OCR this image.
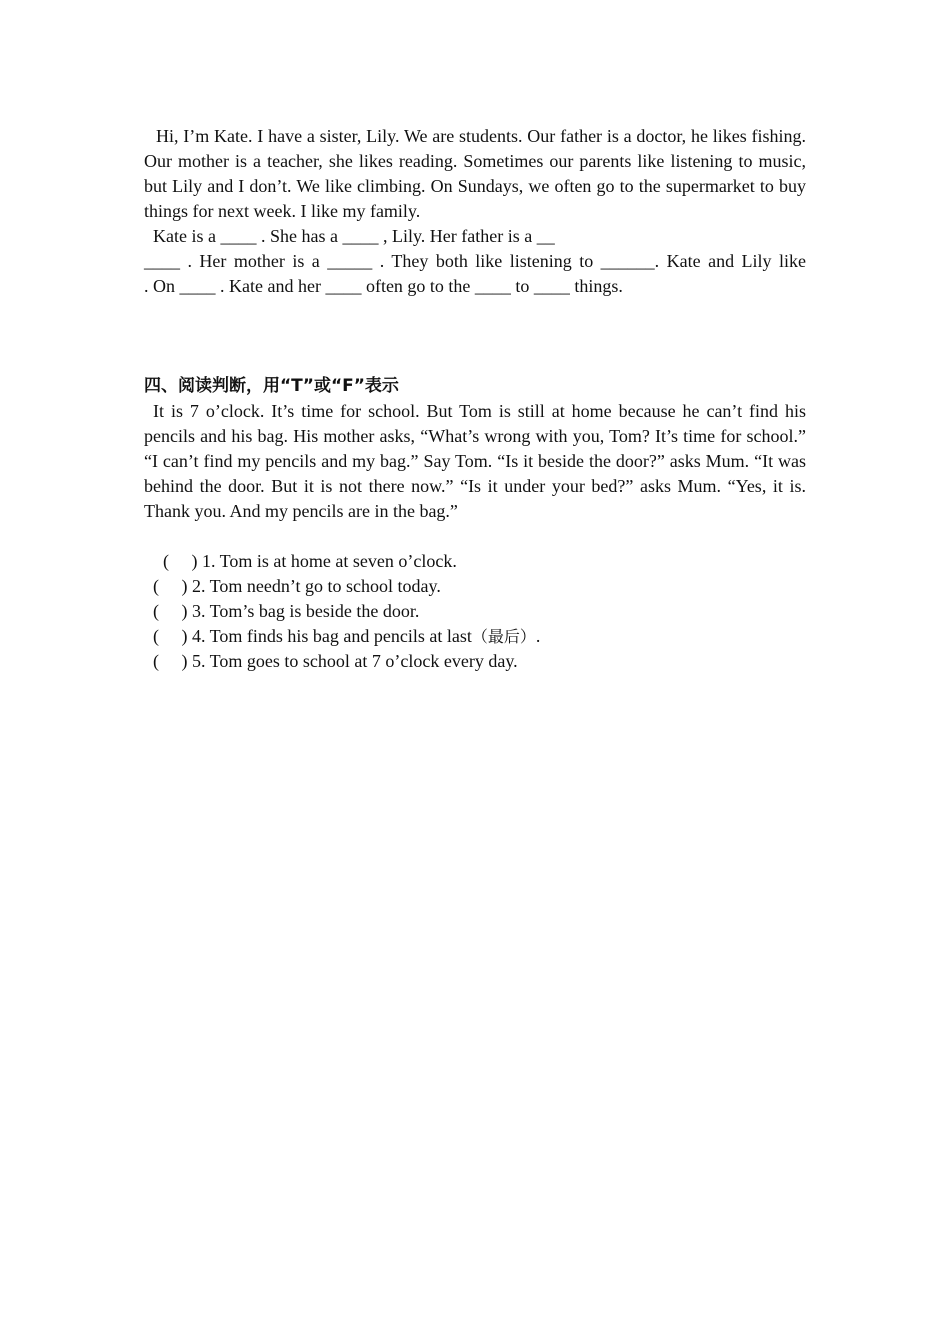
Hi, I’m Kate. I have a sister, Lily. We are students. Our father is a doctor, he likes fishing. Our mother is a teacher, she likes reading. Sometimes our parents like listening to music, but Lily and I don’t. We like climbing. On Sundays, we often go to the supermarket to buy things for next week. I like my family.

Kate is a ____ . She has a ____ , Lily. Her father is a __

____ . Her mother is a _____ . They both like listening to ______. Kate and Lily like

. On ____ . Kate and her ____ often go to the ____ to ____ things.

四、阅读判断，用“T”或“F”表示

It is 7 o’clock. It’s time for school. But Tom is still at home because he can’t find his pencils and his bag. His mother asks, “What’s wrong with you, Tom? It’s time for school.” “I can’t find my pencils and my bag.” Say Tom. “Is it beside the door?” asks Mum. “It was behind the door. But it is not there now.” “Is it under your bed?” asks Mum. “Yes, it is. Thank you. And my pencils are in the bag.”

(     ) 1. Tom is at home at seven o’clock.

(     ) 2. Tom needn’t go to school today.

(     ) 3. Tom’s bag is beside the door.

(     ) 4. Tom finds his bag and pencils at last（最后）.

(     ) 5. Tom goes to school at 7 o’clock every day.
